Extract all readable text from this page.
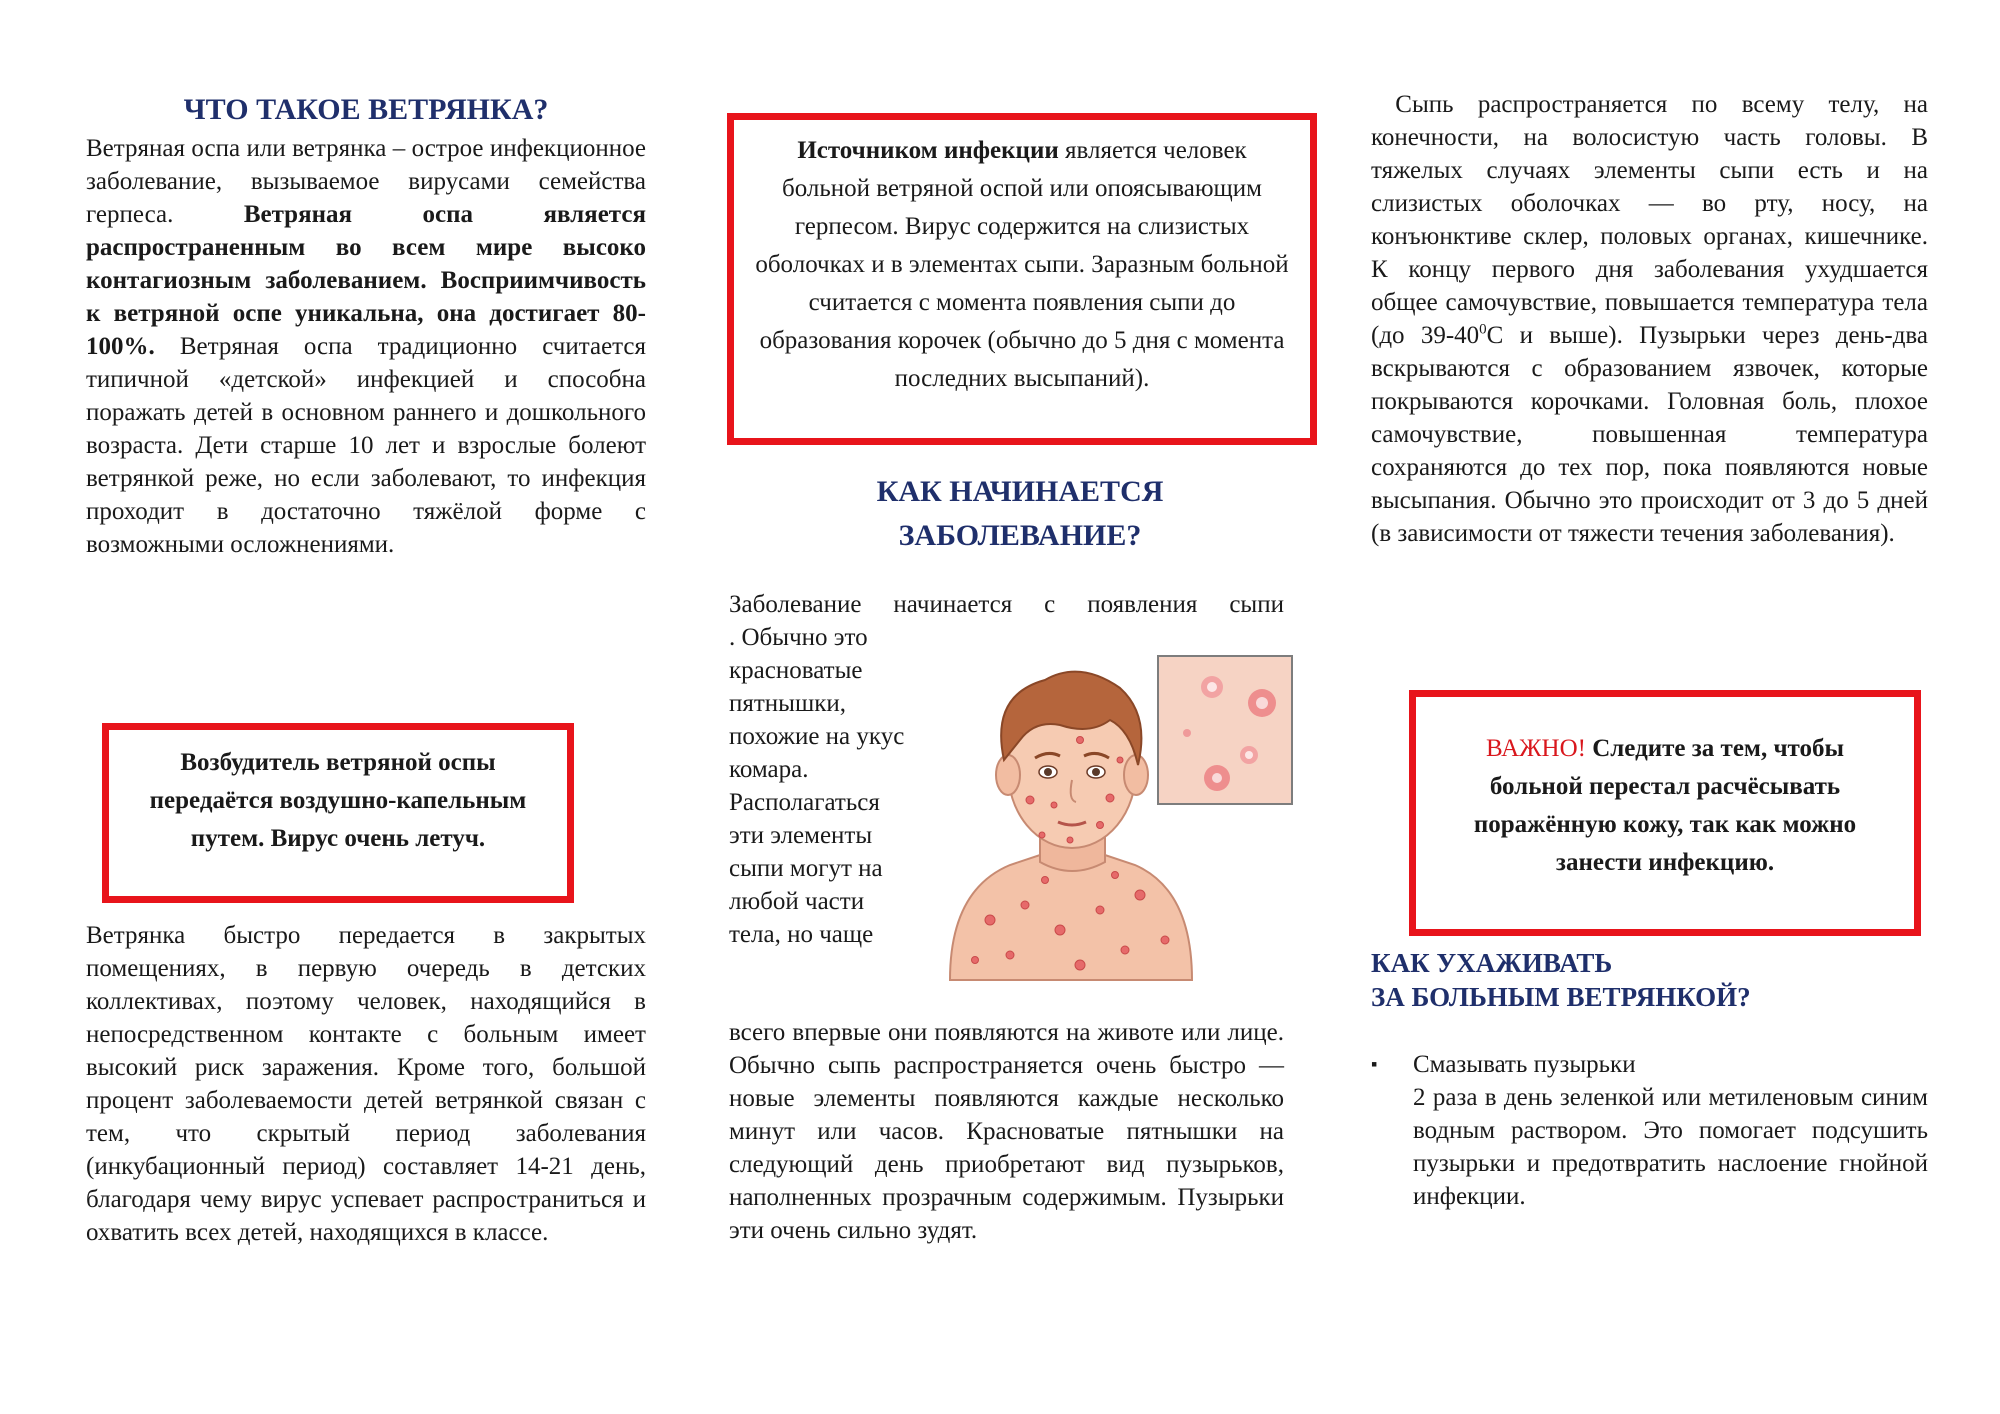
ЧТО ТАКОЕ ВЕТРЯНКА?

Ветряная оспа или ветрянка – острое инфекционное заболевание, вызываемое вирусами семейства герпеса.	Ветряная оспа является распространенным во всем мире высоко контагиозным заболеванием. Восприимчивость к ветряной оспе уникальна, она достигает 80-100%. Ветряная оспа традиционно считается типичной «детской» инфекцией и способна поражать детей в основном раннего и дошкольного возраста. Дети старше 10 лет и взрослые болеют ветрянкой реже, но если заболевают, то инфекция проходит в достаточно тяжёлой форме с возможными осложнениями.

Возбудитель ветряной оспы передаётся воздушно-капельным путем. Вирус очень летуч.

Ветрянка быстро передается в закрытых помещениях, в первую очередь в детских коллективах, поэтому человек, находящийся в непосредственном контакте с больным имеет высокий риск заражения. Кроме того, большой процент заболеваемости детей ветрянкой связан с тем, что скрытый период заболевания (инкубационный период) составляет 14-21 день, благодаря чему вирус успевает распространиться и охватить всех детей, находящихся в классе.

Источником инфекции является человек больной ветряной оспой или опоясывающим герпесом. Вирус содержится на слизистых оболочках и в элементах сыпи. Заразным больной считается с момента появления сыпи до образования корочек (обычно до 5 дня с момента последних высыпаний).

КАК НАЧИНАЕТСЯ
ЗАБОЛЕВАНИЕ?

Заболевание начинается с появления сыпи

. Обычно это красноватые пятнышки, похожие на укус комара. Располагаться эти элементы сыпи могут на любой части тела, но чаще

всего впервые они появляются на животе или лице. Обычно сыпь распространяется очень быстро — новые элементы появляются каждые несколько минут или часов. Красноватые пятнышки на следующий день приобретают вид пузырьков, наполненных прозрачным содержимым. Пузырьки эти очень сильно зудят.

Сыпь распространяется по всему телу, на конечности, на волосистую часть головы. В тяжелых случаях элементы сыпи есть и на слизистых оболочках — во рту, носу, на конъюнктиве склер, половых органах, кишечнике. К концу первого дня заболевания ухудшается общее самочувствие, повышается температура тела (до $39-40^0С$ и выше). Пузырьки через день-два вскрываются с образованием язвочек, которые покрываются корочками. Головная боль, плохое самочувствие, повышенная температура сохраняются до тех пор, пока появляются новые высыпания. Обычно это происходит от 3 до 5 дней (в зависимости от тяжести течения заболевания).

ВАЖНО! Следите за тем, чтобы больной перестал расчёсывать поражённую кожу, так как можно занести инфекцию.

КАК УХАЖИВАТЬ
ЗА БОЛЬНЫМ ВЕТРЯНКОЙ?
▪ Смазывать пузырьки
2 раза в день зеленкой или метиленовым синим водным раствором. Это помогает подсушить пузырьки и предотвратить наслоение гнойной инфекции.
